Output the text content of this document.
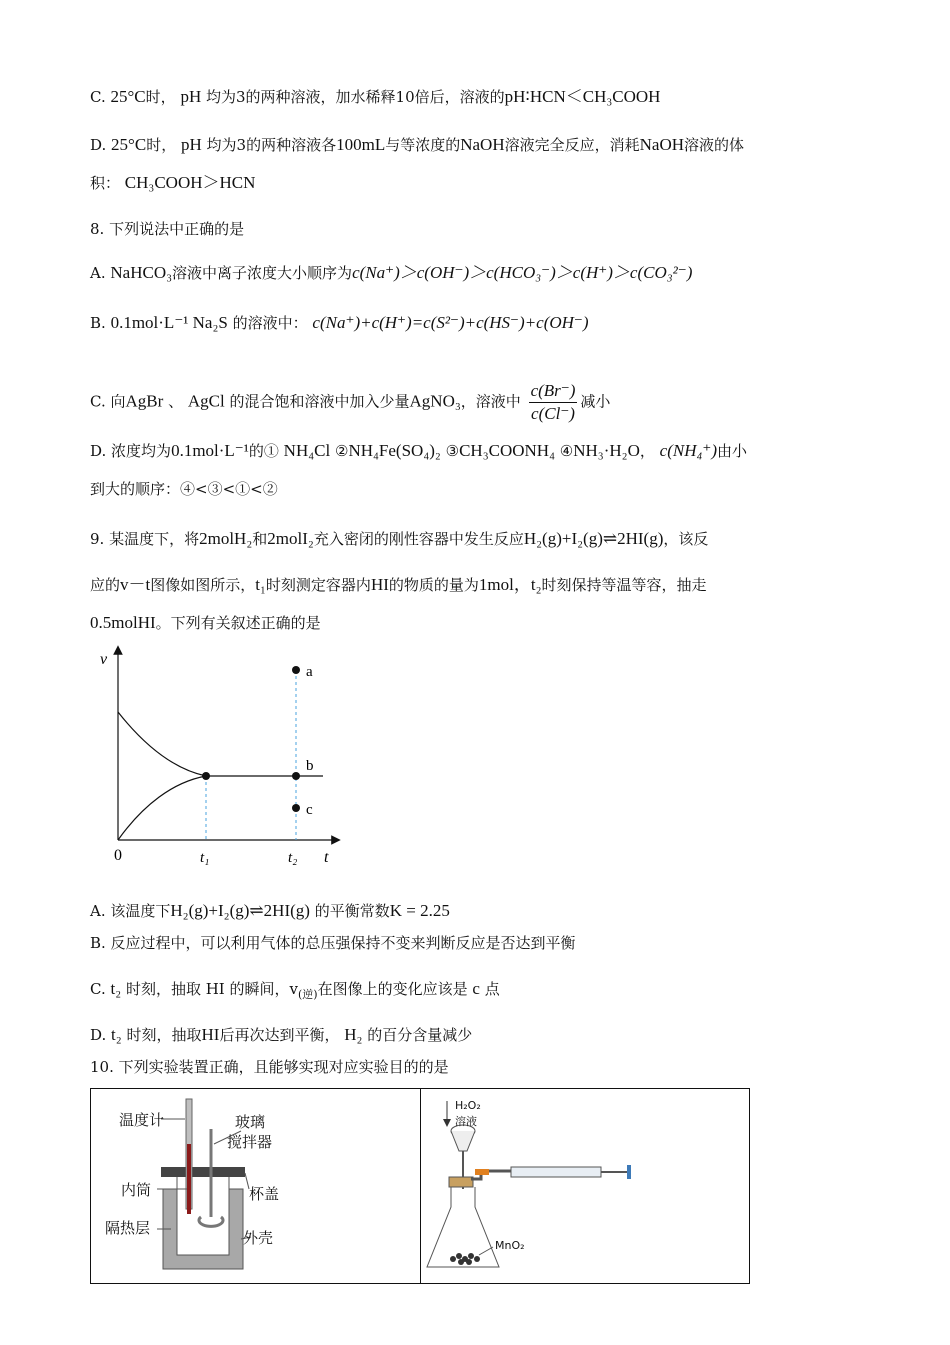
C. 25°C时， pH 均为3的两种溶液，加水稀释10倍后，溶液的pH∶HCN＜CH₃COOH
D. 25°C时， pH 均为3的两种溶液各100mL与等浓度的NaOH溶液完全反应，消耗NaOH溶液的体
积： CH₃COOH＞HCN
8. 下列说法中正确的是
A. NaHCO₃溶液中离子浓度大小顺序为c(Na⁺)＞c(OH⁻)＞c(HCO₃⁻)＞c(H⁺)＞c(CO₃²⁻)
B. 0.1mol·L⁻¹ Na₂S 的溶液中： c(Na⁺)+c(H⁺)=c(S²⁻)+c(HS⁻)+c(OH⁻)
C. 向AgBr 、 AgCl 的混合饱和溶液中加入少量AgNO₃，溶液中 $\frac{c(Br^-)}{c(Cl^-)}$ 减小
D. 浓度均为0.1mol·L⁻¹的① NH₄Cl ②NH₄Fe(SO₄)₂ ③CH₃COONH₄ ④NH₃·H₂O， c(NH₄⁺)由小
到大的顺序：④<③<①<②
9. 某温度下，将2molH₂和2molI₂充入密闭的刚性容器中发生反应H₂(g)+I₂(g)⇌2HI(g)，该反
应的v－t图像如图所示，t₁时刻测定容器内HI的物质的量为1mol，t₂时刻保持等温等容，抽走
0.5molHI。下列有关叙述正确的是
v
t
0
a
b
c
t₁	t₂
A. 该温度下H₂(g)+I₂(g)⇌2HI(g) 的平衡常数K = 2.25
B. 反应过程中，可以利用气体的总压强保持不变来判断反应是否达到平衡
C. t₂ 时刻，抽取 HI 的瞬间，$v_{(逆)}$在图像上的变化应该是 c 点
D. t₂ 时刻，抽取HI后再次达到平衡， H₂ 的百分含量减少
10. 下列实验装置正确，且能够实现对应实验目的的是
温度计	玻璃
搅拌器
内筒	杯盖
隔热层
外壳
H₂O₂
溶液
MnO₂
